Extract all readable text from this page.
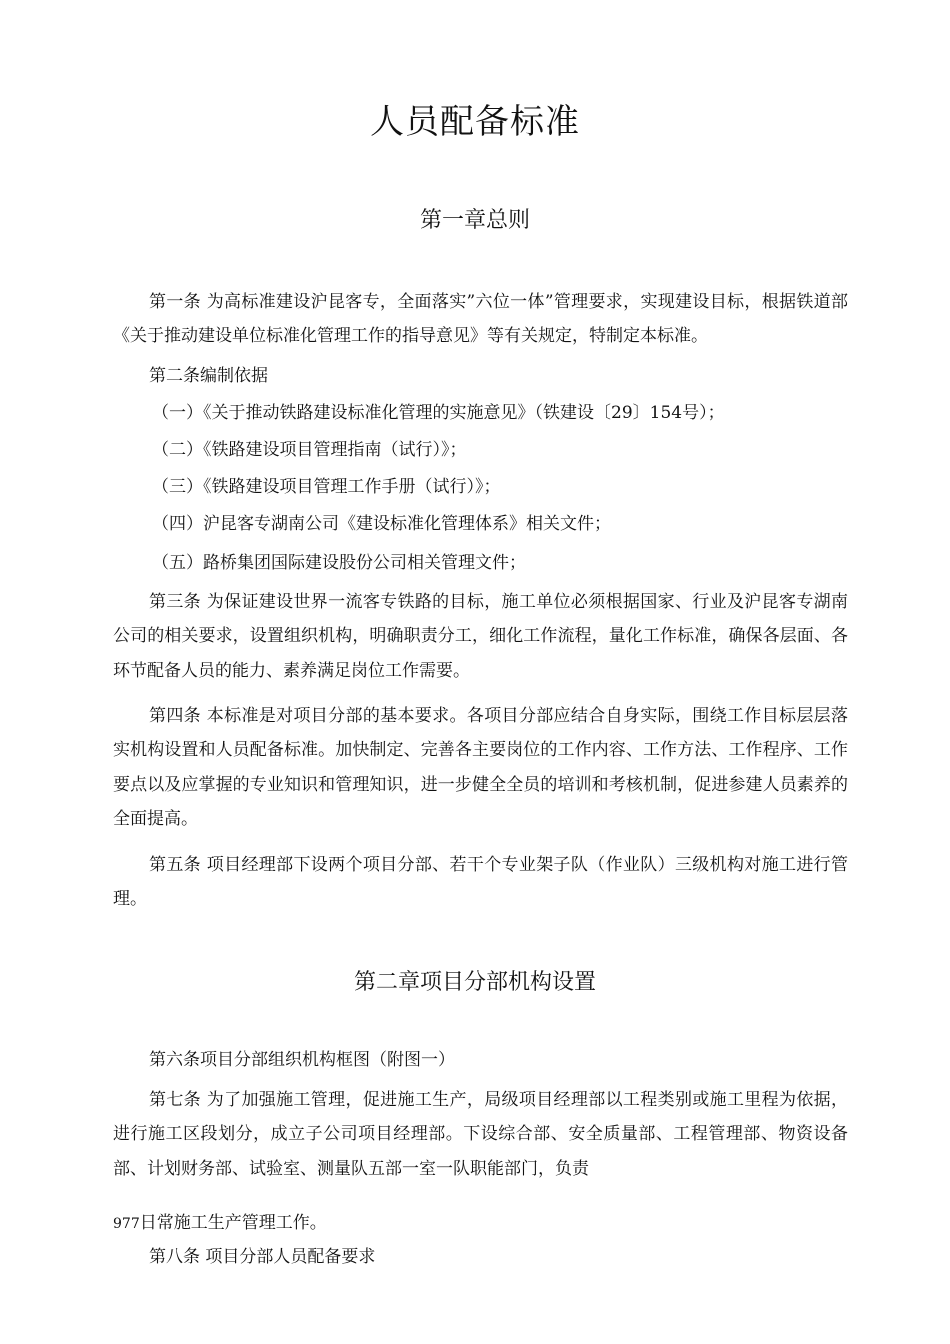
人员配备标准
第一章总则
第一条 为高标准建设沪昆客专，全面落实”六位一体”管理要求，实现建设目标，根据铁道部《关于推动建设单位标准化管理工作的指导意见》等有关规定，特制定本标准。
第二条编制依据
（一）《关于推动铁路建设标准化管理的实施意见》（铁建设〔29〕154号）；
（二）《铁路建设项目管理指南（试行）》；
（三）《铁路建设项目管理工作手册（试行）》；
（四）沪昆客专湖南公司《建设标准化管理体系》相关文件；
（五）路桥集团国际建设股份公司相关管理文件；
第三条 为保证建设世界一流客专铁路的目标，施工单位必须根据国家、行业及沪昆客专湖南公司的相关要求，设置组织机构，明确职责分工，细化工作流程，量化工作标准，确保各层面、各环节配备人员的能力、素养满足岗位工作需要。
第四条 本标准是对项目分部的基本要求。各项目分部应结合自身实际，围绕工作目标层层落实机构设置和人员配备标准。加快制定、完善各主要岗位的工作内容、工作方法、工作程序、工作要点以及应掌握的专业知识和管理知识，进一步健全全员的培训和考核机制，促进参建人员素养的全面提高。
第五条 项目经理部下设两个项目分部、若干个专业架子队（作业队）三级机构对施工进行管理。
第二章项目分部机构设置
第六条项目分部组织机构框图（附图一）
第七条 为了加强施工管理，促进施工生产，局级项目经理部以工程类别或施工里程为依据，进行施工区段划分，成立子公司项目经理部。下设综合部、安全质量部、工程管理部、物资设备部、计划财务部、试验室、测量队五部一室一队职能部门，负责
977日常施工生产管理工作。
第八条 项目分部人员配备要求
